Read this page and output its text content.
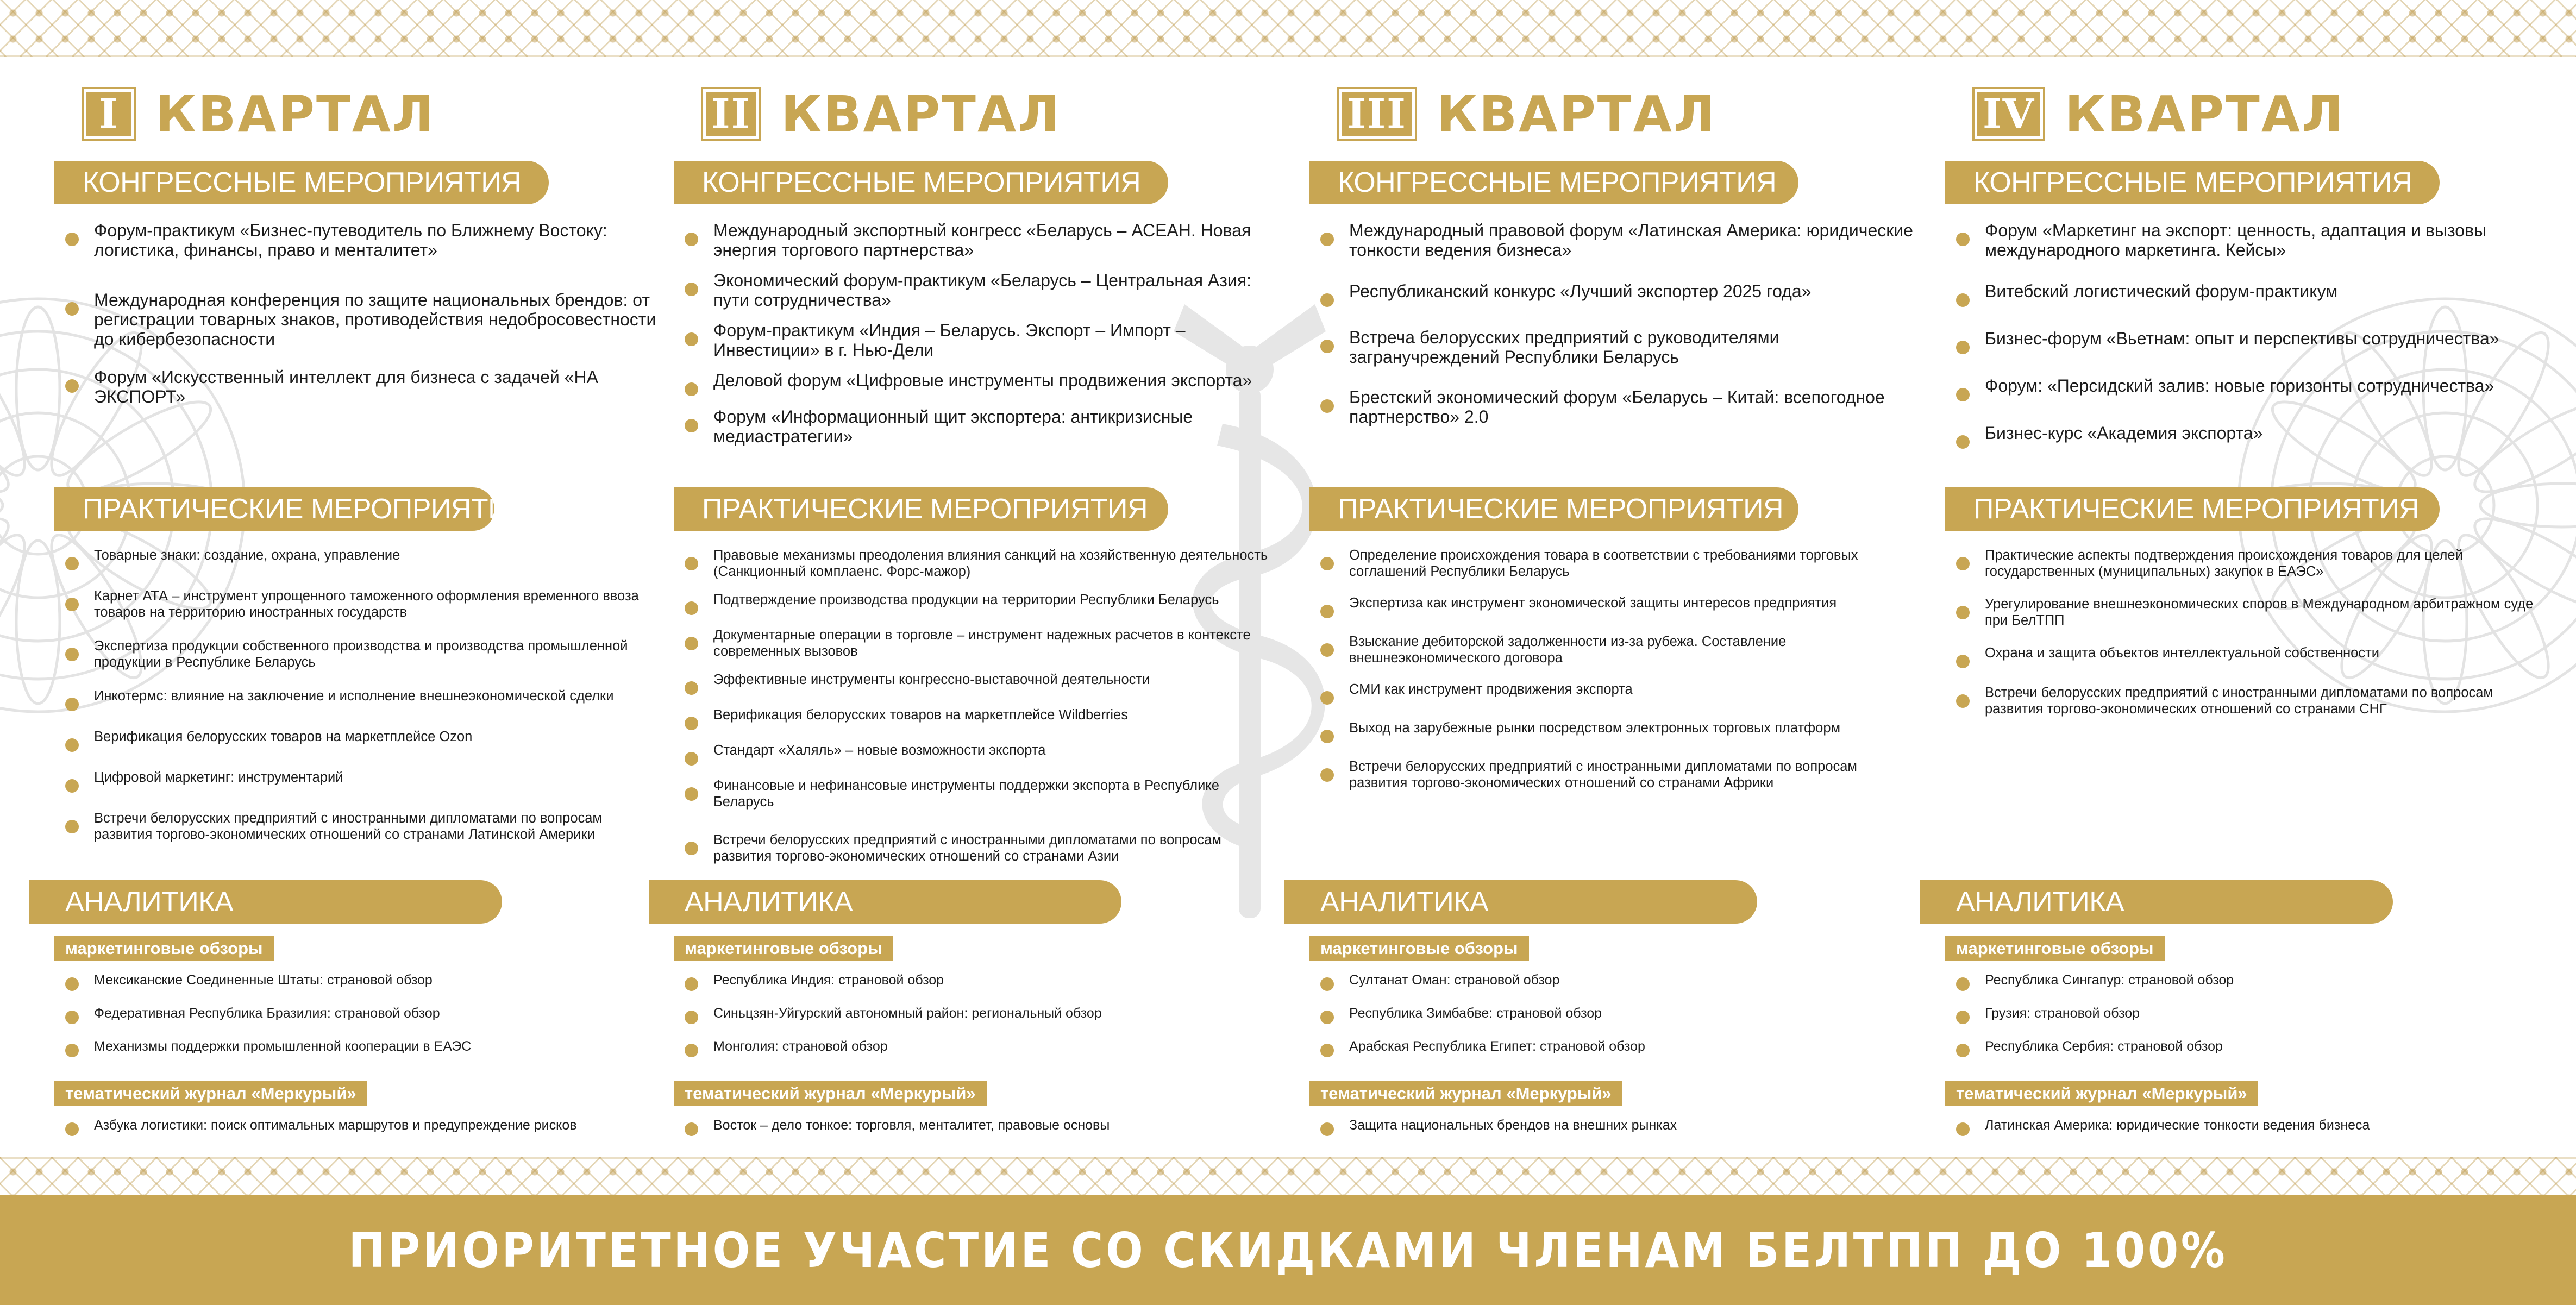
I КВАРТАЛ
КОНГРЕССНЫЕ МЕРОПРИЯТИЯ
Форум-практикум «Бизнес-путеводитель по Ближнему Востоку: логистика, финансы, право и менталитет»
Международная конференция по защите национальных брендов: от регистрации товарных знаков, противодействия недобросовестности до кибербезопасности
Форум «Искусственный интеллект для бизнеса с задачей «НА ЭКСПОРТ»
ПРАКТИЧЕСКИЕ МЕРОПРИЯТИЯ
Товарные знаки: создание, охрана, управление
Карнет АТА – инструмент упрощенного таможенного оформления временного ввоза товаров на территорию иностранных государств
Экспертиза продукции собственного производства и производства промышленной продукции в Республике Беларусь
Инкотермс: влияние на заключение и исполнение внешнеэкономической сделки
Верификация белорусских товаров на маркетплейсе Ozon
Цифровой маркетинг: инструментарий
Встречи белорусских предприятий с иностранными дипломатами по вопросам развития торгово-экономических отношений со странами Латинской Америки
АНАЛИТИКА
маркетинговые обзоры
Мексиканские Соединенные Штаты: страновой обзор
Федеративная Республика Бразилия: страновой обзор
Механизмы поддержки промышленной кооперации в ЕАЭС
тематический журнал «Меркурый»
Азбука логистики: поиск оптимальных маршрутов и предупреждение рисков
II КВАРТАЛ
КОНГРЕССНЫЕ МЕРОПРИЯТИЯ
Международный экспортный конгресс «Беларусь – АСЕАН. Новая энергия торгового партнерства»
Экономический форум-практикум «Беларусь – Центральная Азия: пути сотрудничества»
Форум-практикум «Индия – Беларусь. Экспорт – Импорт – Инвестиции» в г. Нью-Дели
Деловой форум «Цифровые инструменты продвижения экспорта»
Форум «Информационный щит экспортера: антикризисные медиастратегии»
ПРАКТИЧЕСКИЕ МЕРОПРИЯТИЯ
Правовые механизмы преодоления влияния санкций на хозяйственную деятельность (Санкционный комплаенс. Форс-мажор)
Подтверждение производства продукции на территории Республики Беларусь
Документарные операции в торговле – инструмент надежных расчетов в контексте современных вызовов
Эффективные инструменты конгрессно-выставочной деятельности
Верификация белорусских товаров на маркетплейсе Wildberries
Стандарт «Халяль» – новые возможности экспорта
Финансовые и нефинансовые инструменты поддержки экспорта в Республике Беларусь
Встречи белорусских предприятий с иностранными дипломатами по вопросам развития торгово-экономических отношений со странами Азии
АНАЛИТИКА
маркетинговые обзоры
Республика Индия: страновой обзор
Синьцзян-Уйгурский автономный район: региональный обзор
Монголия: страновой обзор
тематический журнал «Меркурый»
Восток – дело тонкое: торговля, менталитет, правовые основы
III КВАРТАЛ
КОНГРЕССНЫЕ МЕРОПРИЯТИЯ
Международный правовой форум «Латинская Америка: юридические тонкости ведения бизнеса»
Республиканский конкурс «Лучший экспортер 2025 года»
Встреча белорусских предприятий с руководителями загранучреждений Республики Беларусь
Брестский экономический форум «Беларусь – Китай: всепогодное партнерство» 2.0
ПРАКТИЧЕСКИЕ МЕРОПРИЯТИЯ
Определение происхождения товара в соответствии с требованиями торговых соглашений Республики Беларусь
Экспертиза как инструмент экономической защиты интересов предприятия
Взыскание дебиторской задолженности из-за рубежа. Составление внешнеэкономического договора
СМИ как инструмент продвижения экспорта
Выход на зарубежные рынки посредством электронных торговых платформ
Встречи белорусских предприятий с иностранными дипломатами по вопросам развития торгово-экономических отношений со странами Африки
АНАЛИТИКА
маркетинговые обзоры
Султанат Оман: страновой обзор
Республика Зимбабве: страновой обзор
Арабская Республика Египет: страновой обзор
тематический журнал «Меркурый»
Защита национальных брендов на внешних рынках
IV КВАРТАЛ
КОНГРЕССНЫЕ МЕРОПРИЯТИЯ
Форум «Маркетинг на экспорт: ценность, адаптация и вызовы международного маркетинга. Кейсы»
Витебский логистический форум-практикум
Бизнес-форум «Вьетнам: опыт и перспективы сотрудничества»
Форум: «Персидский залив: новые горизонты сотрудничества»
Бизнес-курс «Академия экспорта»
ПРАКТИЧЕСКИЕ МЕРОПРИЯТИЯ
Практические аспекты подтверждения происхождения товаров для целей государственных (муниципальных) закупок в ЕАЭС»
Урегулирование внешнеэкономических споров в Международном арбитражном суде при БелТПП
Охрана и защита объектов интеллектуальной собственности
Встречи белорусских предприятий с иностранными дипломатами по вопросам развития торгово-экономических отношений со странами СНГ
АНАЛИТИКА
маркетинговые обзоры
Республика Сингапур: страновой обзор
Грузия: страновой обзор
Республика Сербия: страновой обзор
тематический журнал «Меркурый»
Латинская Америка: юридические тонкости ведения бизнеса
ПРИОРИТЕТНОЕ УЧАСТИЕ СО СКИДКАМИ ЧЛЕНАМ БЕЛТПП ДО 100%
